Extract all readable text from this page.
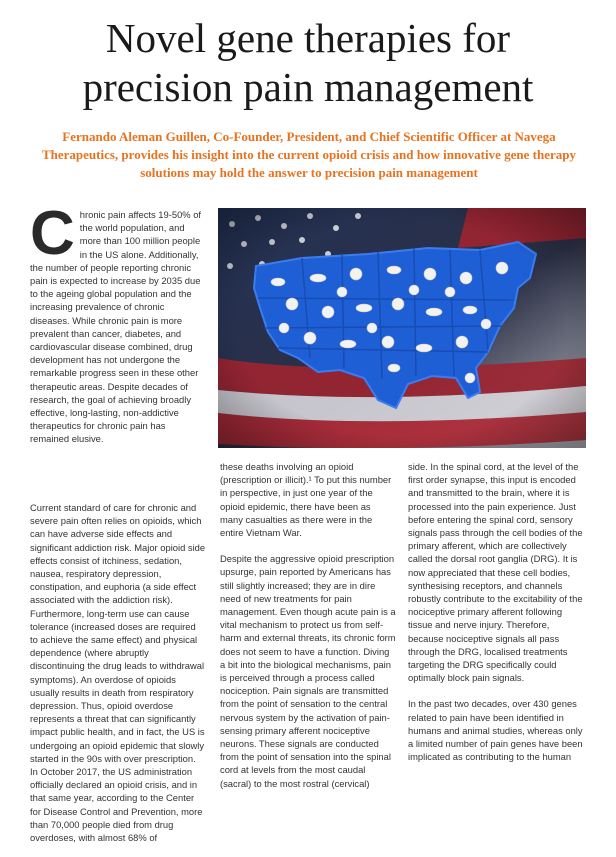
Novel gene therapies for
precision pain management

Fernando Aleman Guillen, Co-Founder, President, and Chief Scientific Officer at Navega Therapeutics, provides his insight into the current opioid crisis and how innovative gene therapy solutions may hold the answer to precision pain management

Chronic pain affects 19-50% of the world population, and more than 100 million people in the US alone. Additionally, the number of people reporting chronic pain is expected to increase by 2035 due to the ageing global population and the increasing prevalence of chronic diseases. While chronic pain is more prevalent than cancer, diabetes, and cardiovascular disease combined, drug development has not undergone the remarkable progress seen in these other therapeutic areas. Despite decades of research, the goal of achieving broadly effective, long-lasting, non-addictive therapeutics for chronic pain has remained elusive.

Current standard of care for chronic and severe pain often relies on opioids, which can have adverse side effects and significant addiction risk. Major opioid side effects consist of itchiness, sedation, nausea, respiratory depression, constipation, and euphoria (a side effect associated with the addiction risk). Furthermore, long-term use can cause tolerance (increased doses are required to achieve the same effect) and physical dependence (where abruptly discontinuing the drug leads to withdrawal symptoms). An overdose of opioids usually results in death from respiratory depression. Thus, opioid overdose represents a threat that can significantly impact public health, and in fact, the US is undergoing an opioid epidemic that slowly started in the 90s with over prescription. In October 2017, the US administration officially declared an opioid crisis, and in that same year, according to the Center for Disease Control and Prevention, more than 70,000 people died from drug overdoses, with almost 68% of

these deaths involving an opioid (prescription or illicit).¹ To put this number in perspective, in just one year of the opioid epidemic, there have been as many casualties as there were in the entire Vietnam War.

Despite the aggressive opioid prescription upsurge, pain reported by Americans has still slightly increased; they are in dire need of new treatments for pain management. Even though acute pain is a vital mechanism to protect us from self-harm and external threats, its chronic form does not seem to have a function. Diving a bit into the biological mechanisms, pain is perceived through a process called nociception. Pain signals are transmitted from the point of sensation to the central nervous system by the activation of pain-sensing primary afferent nociceptive neurons. These signals are conducted from the point of sensation into the spinal cord at levels from the most caudal (sacral) to the most rostral (cervical)

side. In the spinal cord, at the level of the first order synapse, this input is encoded and transmitted to the brain, where it is processed into the pain experience. Just before entering the spinal cord, sensory signals pass through the cell bodies of the primary afferent, which are collectively called the dorsal root ganglia (DRG). It is now appreciated that these cell bodies, synthesising receptors, and channels robustly contribute to the excitability of the nociceptive primary afferent following tissue and nerve injury. Therefore, because nociceptive signals all pass through the DRG, localised treatments targeting the DRG specifically could optimally block pain signals.

In the past two decades, over 430 genes related to pain have been identified in humans and animal studies, whereas only a limited number of pain genes have been implicated as contributing to the human
